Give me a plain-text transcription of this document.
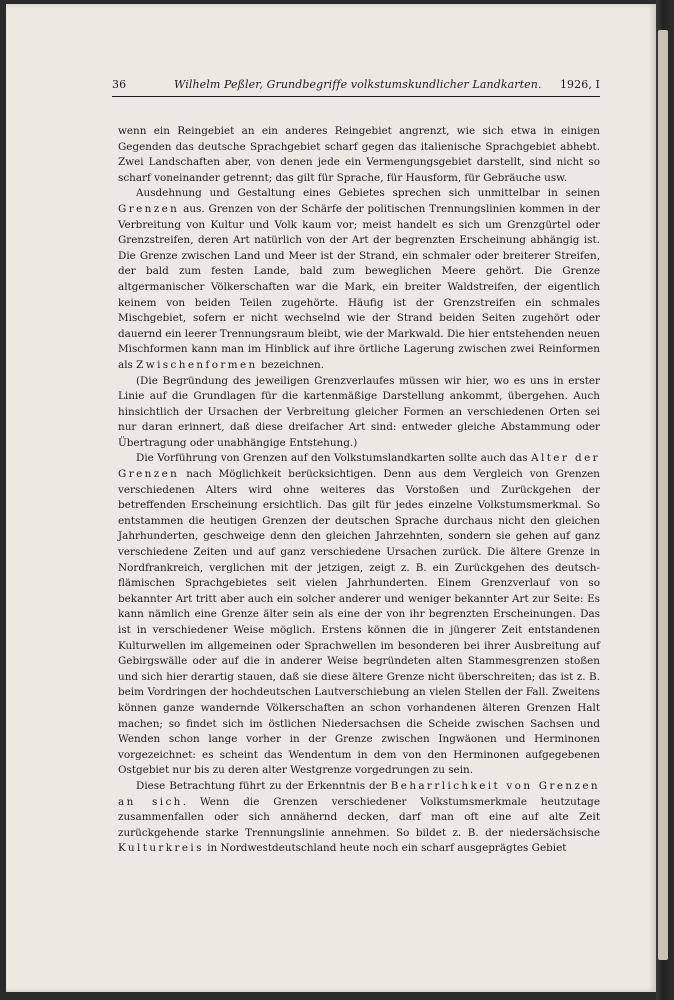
36	Wilhelm Peßler, Grundbegriffe volkstumskundlicher Landkarten. 1926, I

wenn ein Reingebiet an ein anderes Reingebiet angrenzt, wie sich etwa in einigen Gegenden das deutsche Sprachgebiet scharf gegen das italienische Sprachgebiet abhebt. Zwei Landschaften aber, von denen jede ein Vermengungsgebiet darstellt, sind nicht so scharf voneinander getrennt; das gilt für Sprache, für Hausform, für Gebräuche usw.

Ausdehnung und Gestaltung eines Gebietes sprechen sich unmittelbar in seinen Grenzen aus. Grenzen von der Schärfe der politischen Trennungslinien kommen in der Verbreitung von Kultur und Volk kaum vor; meist handelt es sich um Grenzgürtel oder Grenzstreifen, deren Art natürlich von der Art der begrenzten Erscheinung abhängig ist. Die Grenze zwischen Land und Meer ist der Strand, ein schmaler oder breiterer Streifen, der bald zum festen Lande, bald zum beweglichen Meere gehört. Die Grenze altgermanischer Völkerschaften war die Mark, ein breiter Waldstreifen, der eigentlich keinem von beiden Teilen zugehörte. Häufig ist der Grenzstreifen ein schmales Mischgebiet, sofern er nicht wechselnd wie der Strand beiden Seiten zugehört oder dauernd ein leerer Trennungsraum bleibt, wie der Markwald. Die hier entstehenden neuen Mischformen kann man im Hinblick auf ihre örtliche Lagerung zwischen zwei Reinformen als Zwischenformen bezeichnen.

(Die Begründung des jeweiligen Grenzverlaufes müssen wir hier, wo es uns in erster Linie auf die Grundlagen für die kartenmäßige Darstellung ankommt, übergehen. Auch hinsichtlich der Ursachen der Verbreitung gleicher Formen an verschiedenen Orten sei nur daran erinnert, daß diese dreifacher Art sind: entweder gleiche Abstammung oder Übertragung oder unabhängige Entstehung.)

Die Vorführung von Grenzen auf den Volkstumslandkarten sollte auch das Alter der Grenzen nach Möglichkeit berücksichtigen. Denn aus dem Vergleich von Grenzen verschiedenen Alters wird ohne weiteres das Vorstoßen und Zurückgehen der betreffenden Erscheinung ersichtlich. Das gilt für jedes einzelne Volkstumsmerkmal. So entstammen die heutigen Grenzen der deutschen Sprache durchaus nicht den gleichen Jahrhunderten, geschweige denn den gleichen Jahrzehnten, sondern sie gehen auf ganz verschiedene Zeiten und auf ganz verschiedene Ursachen zurück. Die ältere Grenze in Nordfrankreich, verglichen mit der jetzigen, zeigt z. B. ein Zurückgehen des deutsch-flämischen Sprachgebietes seit vielen Jahrhunderten. Einem Grenzverlauf von so bekannter Art tritt aber auch ein solcher anderer und weniger bekannter Art zur Seite: Es kann nämlich eine Grenze älter sein als eine der von ihr begrenzten Erscheinungen. Das ist in verschiedener Weise möglich. Erstens können die in jüngerer Zeit entstandenen Kulturwellen im allgemeinen oder Sprachwellen im besonderen bei ihrer Ausbreitung auf Gebirgswälle oder auf die in anderer Weise begründeten alten Stammesgrenzen stoßen und sich hier derartig stauen, daß sie diese ältere Grenze nicht überschreiten; das ist z. B. beim Vordringen der hochdeutschen Lautverschiebung an vielen Stellen der Fall. Zweitens können ganze wandernde Völkerschaften an schon vorhandenen älteren Grenzen Halt machen; so findet sich im östlichen Niedersachsen die Scheide zwischen Sachsen und Wenden schon lange vorher in der Grenze zwischen Ingwäonen und Herminonen vorgezeichnet: es scheint das Wendentum in dem von den Herminonen aufgegebenen Ostgebiet nur bis zu deren alter Westgrenze vorgedrungen zu sein.

Diese Betrachtung führt zu der Erkenntnis der Beharrlichkeit von Grenzen an sich. Wenn die Grenzen verschiedener Volkstumsmerkmale heutzutage zusammenfallen oder sich annähernd decken, darf man oft eine auf alte Zeit zurückgehende starke Trennungslinie annehmen. So bildet z. B. der niedersächsische Kulturkreis in Nordwestdeutschland heute noch ein scharf ausgeprägtes Gebiet
